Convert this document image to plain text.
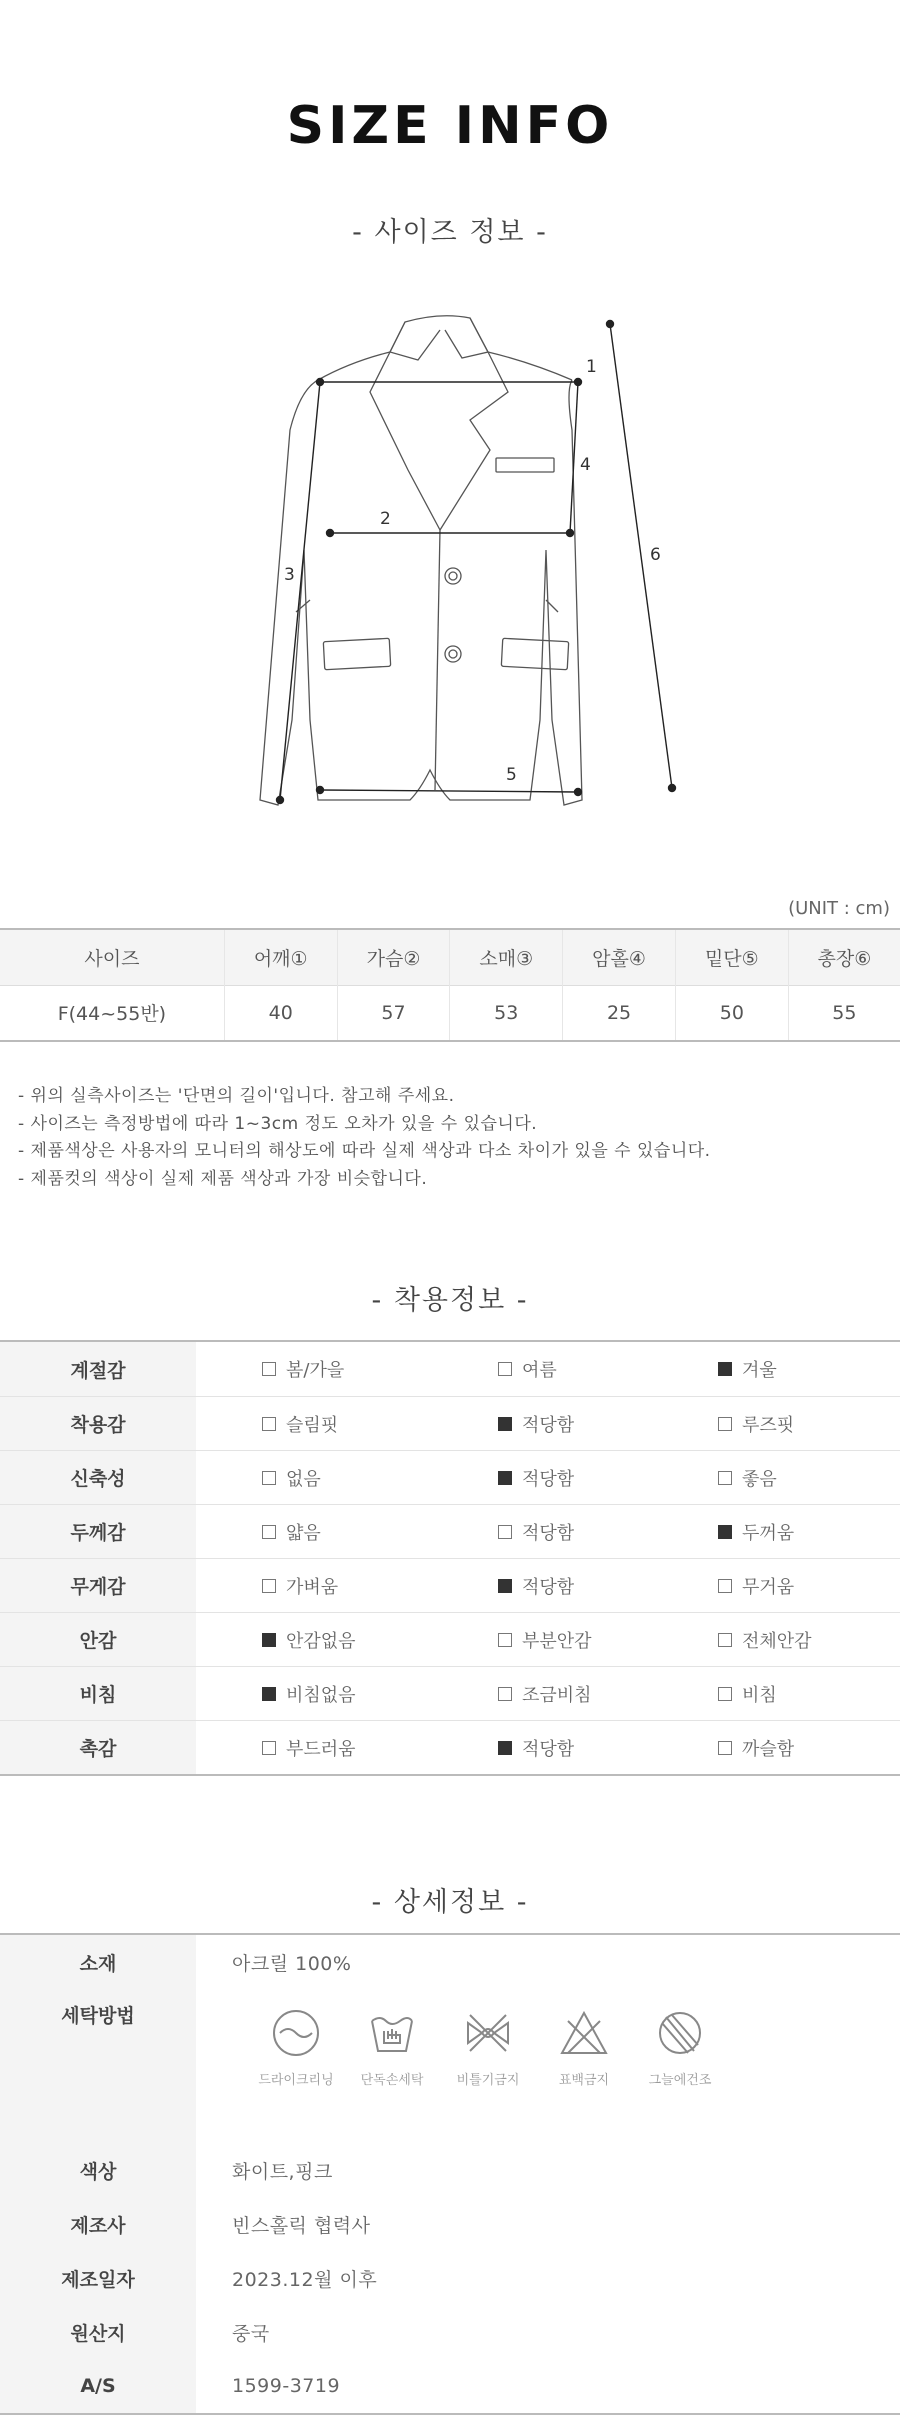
SIZE INFO
- 사이즈 정보 -
1
2
3
4
5
6
(UNIT : cm)
사이즈	어깨①	가슴②	소매③	암홀④	밑단⑤	총장⑥
F(44~55반)	40	57	53	25	50	55
- 위의 실측사이즈는 '단면의 길이'입니다. 참고해 주세요.
- 사이즈는 측정방법에 따라 1~3cm 정도 오차가 있을 수 있습니다.
- 제품색상은 사용자의 모니터의 해상도에 따라 실제 색상과 다소 차이가 있을 수 있습니다.
- 제품컷의 색상이 실제 제품 색상과 가장 비슷합니다.
- 착용정보 -
계절감	봄/가을	여름	겨울
착용감	슬림핏	적당함	루즈핏
신축성	없음	적당함	좋음
두께감	얇음	적당함	두꺼움
무게감	가벼움	적당함	무거움
안감	안감없음	부분안감	전체안감
비침	비침없음	조금비침	비침
촉감	부드러움	적당함	까슬함
- 상세정보 -
소재	아크릴 100%
세탁방법
드라이크리닝	단독손세탁	비틀기금지	표백금지	그늘에건조
색상	화이트,핑크
제조사	빈스홀릭 협력사
제조일자	2023.12월 이후
원산지	중국
A/S	1599-3719
